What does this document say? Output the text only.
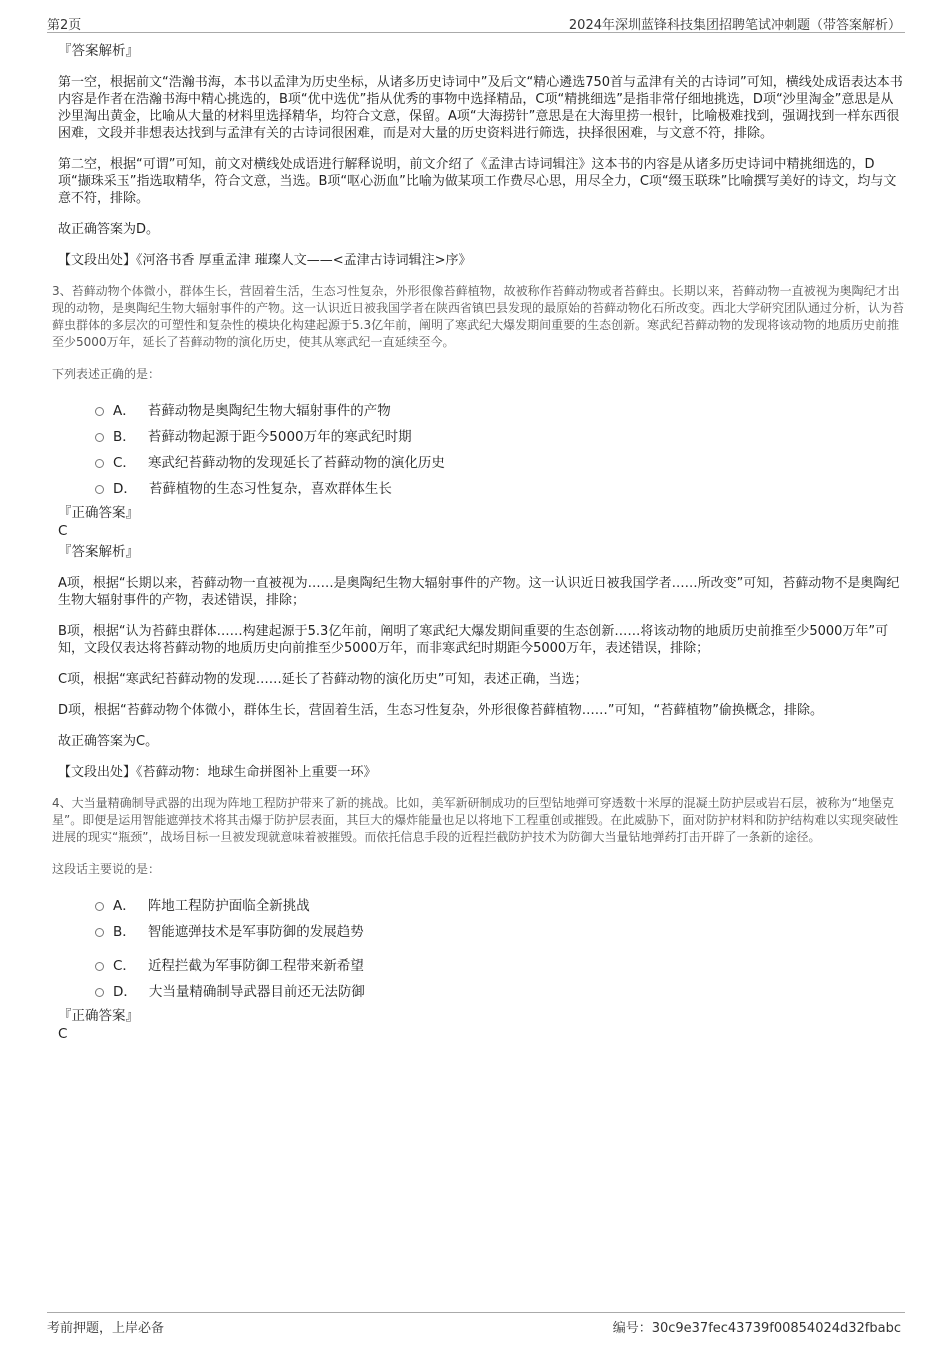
第2页	2024年深圳蓝锋科技集团招聘笔试冲刺题（带答案解析）
『答案解析』
第一空，根据前文“浩瀚书海，本书以孟津为历史坐标，从诸多历史诗词中”及后文“精心遴选750首与孟津有关的古诗词”可知，横线处成语表达本书内容是作者在浩瀚书海中精心挑选的，B项“优中选优”指从优秀的事物中选择精品，C项“精挑细选”是指非常仔细地挑选，D项“沙里淘金”意思是从沙里淘出黄金，比喻从大量的材料里选择精华，均符合文意，保留。A项“大海捞针”意思是在大海里捞一根针，比喻极难找到，强调找到一样东西很困难，文段并非想表达找到与孟津有关的古诗词很困难，而是对大量的历史资料进行筛选，抉择很困难，与文意不符，排除。
第二空，根据“可谓”可知，前文对横线处成语进行解释说明，前文介绍了《孟津古诗词辑注》这本书的内容是从诸多历史诗词中精挑细选的，D项“撷珠采玉”指选取精华，符合文意，当选。B项“呕心沥血”比喻为做某项工作费尽心思，用尽全力，C项“缀玉联珠”比喻撰写美好的诗文，均与文意不符，排除。
故正确答案为D。
【文段出处】《河洛书香 厚重孟津 璀璨人文——<孟津古诗词辑注>序》
3、苔藓动物个体微小，群体生长，营固着生活，生态习性复杂，外形很像苔藓植物，故被称作苔藓动物或者苔藓虫。长期以来，苔藓动物一直被视为奥陶纪才出现的动物，是奥陶纪生物大辐射事件的产物。这一认识近日被我国学者在陕西省镇巴县发现的最原始的苔藓动物化石所改变。西北大学研究团队通过分析，认为苔藓虫群体的多层次的可塑性和复杂性的模块化构建起源于5.3亿年前，阐明了寒武纪大爆发期间重要的生态创新。寒武纪苔藓动物的发现将该动物的地质历史前推至少5000万年，延长了苔藓动物的演化历史，使其从寒武纪一直延续至今。
下列表述正确的是：
A． 苔藓动物是奥陶纪生物大辐射事件的产物
B． 苔藓动物起源于距今5000万年的寒武纪时期
C． 寒武纪苔藓动物的发现延长了苔藓动物的演化历史
D． 苔藓植物的生态习性复杂，喜欢群体生长
『正确答案』
C
『答案解析』
A项，根据“长期以来，苔藓动物一直被视为……是奥陶纪生物大辐射事件的产物。这一认识近日被我国学者……所改变”可知，苔藓动物不是奥陶纪生物大辐射事件的产物，表述错误，排除；
B项，根据“认为苔藓虫群体……构建起源于5.3亿年前，阐明了寒武纪大爆发期间重要的生态创新……将该动物的地质历史前推至少5000万年”可知，文段仅表达将苔藓动物的地质历史向前推至少5000万年，而非寒武纪时期距今5000万年，表述错误，排除；
C项，根据“寒武纪苔藓动物的发现……延长了苔藓动物的演化历史”可知，表述正确，当选；
D项，根据“苔藓动物个体微小，群体生长，营固着生活，生态习性复杂，外形很像苔藓植物……”可知，“苔藓植物”偷换概念，排除。
故正确答案为C。
【文段出处】《苔藓动物：地球生命拼图补上重要一环》
4、大当量精确制导武器的出现为阵地工程防护带来了新的挑战。比如，美军新研制成功的巨型钻地弹可穿透数十米厚的混凝土防护层或岩石层，被称为“地堡克星”。即便是运用智能遮弹技术将其击爆于防护层表面，其巨大的爆炸能量也足以将地下工程重创或摧毁。在此威胁下，面对防护材料和防护结构难以实现突破性进展的现实“瓶颈”，战场目标一旦被发现就意味着被摧毁。而依托信息手段的近程拦截防护技术为防御大当量钻地弹药打击开辟了一条新的途径。
这段话主要说的是：
A． 阵地工程防护面临全新挑战
B． 智能遮弹技术是军事防御的发展趋势
C． 近程拦截为军事防御工程带来新希望
D． 大当量精确制导武器目前还无法防御
『正确答案』
C
考前押题，上岸必备	编号：30c9e37fec43739f00854024d32fbabc
